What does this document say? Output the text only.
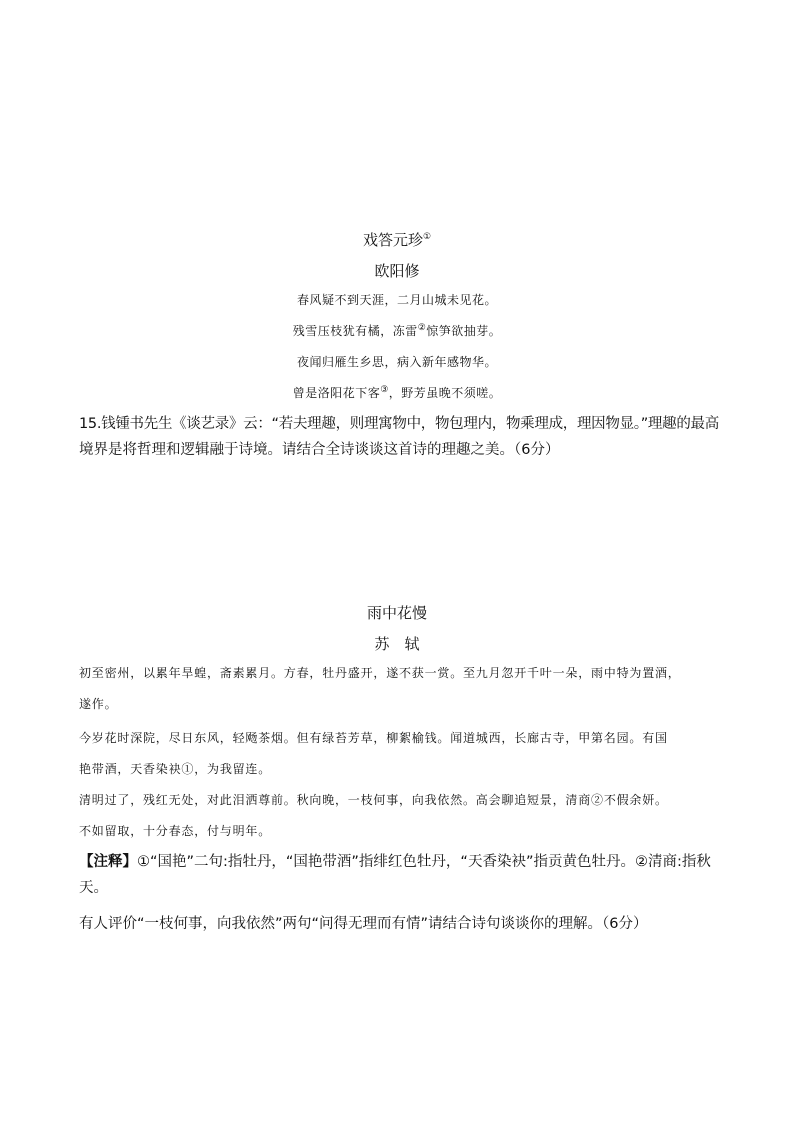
戏答元珍①
欧阳修
春风疑不到天涯，二月山城未见花。
残雪压枝犹有橘，冻雷②惊笋欲抽芽。
夜闻归雁生乡思，病入新年感物华。
曾是洛阳花下客③，野芳虽晚不须嗟。
15.钱锺书先生《谈艺录》云：“若夫理趣，则理寓物中，物包理内，物乘理成，理因物显。”理趣的最高
境界是将哲理和逻辑融于诗境。请结合全诗谈谈这首诗的理趣之美。（6分）
雨中花慢
苏　轼
初至密州，以累年旱蝗，斋素累月。方春，牡丹盛开，遂不获一赏。至九月忽开千叶一朵，雨中特为置酒，
遂作。
今岁花时深院，尽日东风，轻飏茶烟。但有绿苔芳草，柳絮榆钱。闻道城西，长廊古寺，甲第名园。有国
艳带酒，天香染袂①，为我留连。
清明过了，残红无处，对此泪洒尊前。秋向晚，一枝何事，向我依然。高会聊追短景，清商②不假余妍。
不如留取，十分春态，付与明年。
【注释】①“国艳”二句:指牡丹，“国艳带酒”指绯红色牡丹，“天香染袂”指贡黄色牡丹。②清商:指秋
天。
有人评价“一枝何事，向我依然”两句“问得无理而有情”请结合诗句谈谈你的理解。（6分）
